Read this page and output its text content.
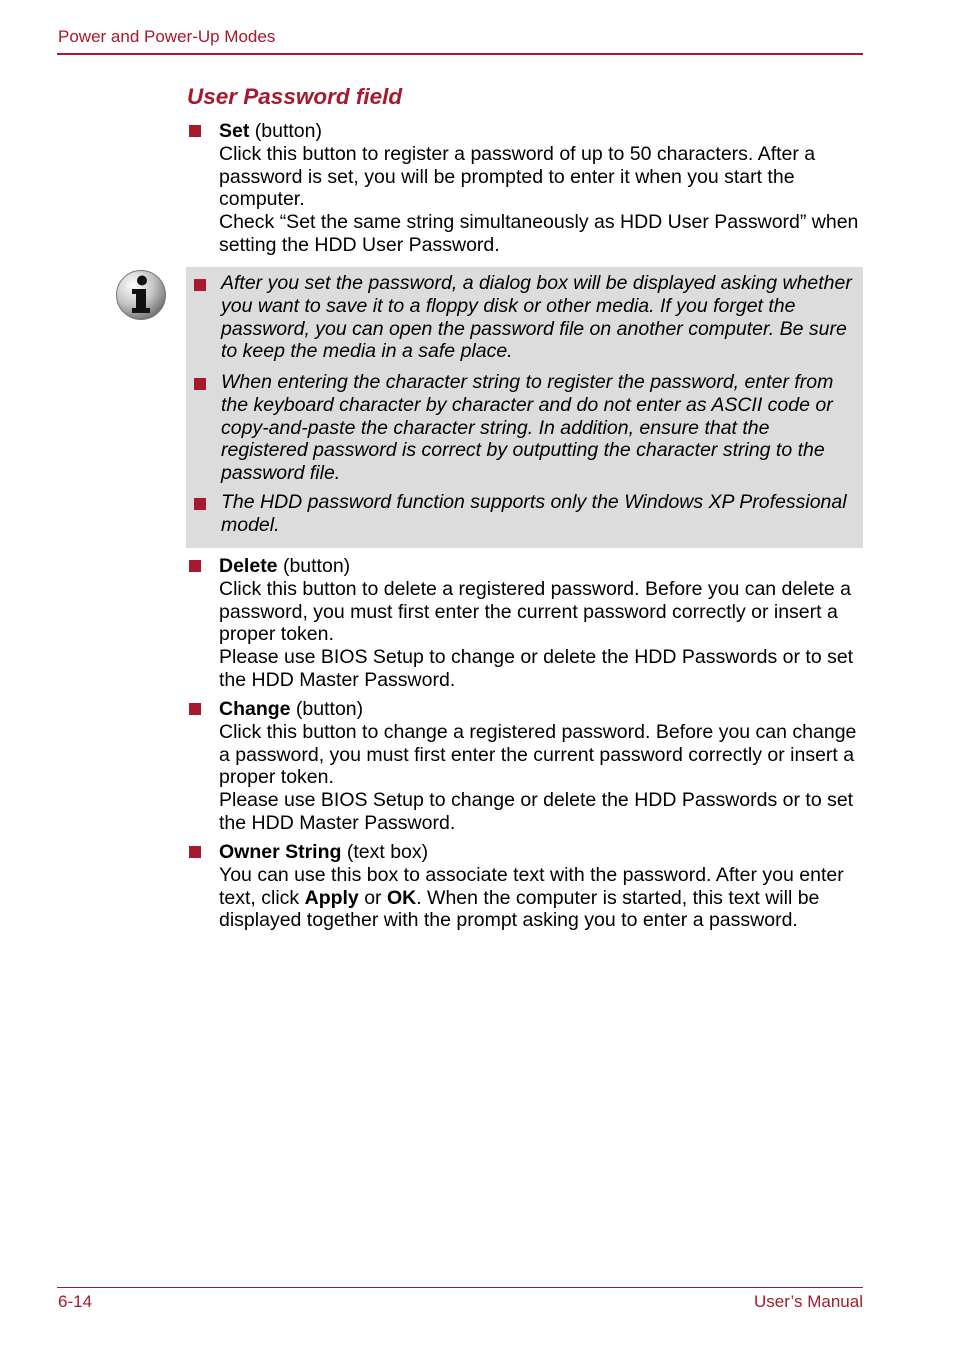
Power and Power-Up Modes
User Password field

Set (button)

Click this button to register a password of up to 50 characters. After a password is set, you will be prompted to enter it when you start the computer.

Check “Set the same string simultaneously as HDD User Password” when setting the HDD User Password.

After you set the password, a dialog box will be displayed asking whether you want to save it to a floppy disk or other media. If you forget the password, you can open the password file on another computer. Be sure to keep the media in a safe place.
When entering the character string to register the password, enter from the keyboard character by character and do not enter as ASCII code or copy-and-paste the character string. In addition, ensure that the registered password is correct by outputting the character string to the password file.
The HDD password function supports only the Windows XP Professional model.

Delete (button)

Click this button to delete a registered password. Before you can delete a password, you must first enter the current password correctly or insert a proper token.

Please use BIOS Setup to change or delete the HDD Passwords or to set the HDD Master Password.

Change (button)

Click this button to change a registered password. Before you can change a password, you must first enter the current password correctly or insert a proper token.

Please use BIOS Setup to change or delete the HDD Passwords or to set the HDD Master Password.

Owner String (text box)

You can use this box to associate text with the password. After you enter text, click Apply or OK. When the computer is started, this text will be displayed together with the prompt asking you to enter a password.

6-14	User’s Manual
